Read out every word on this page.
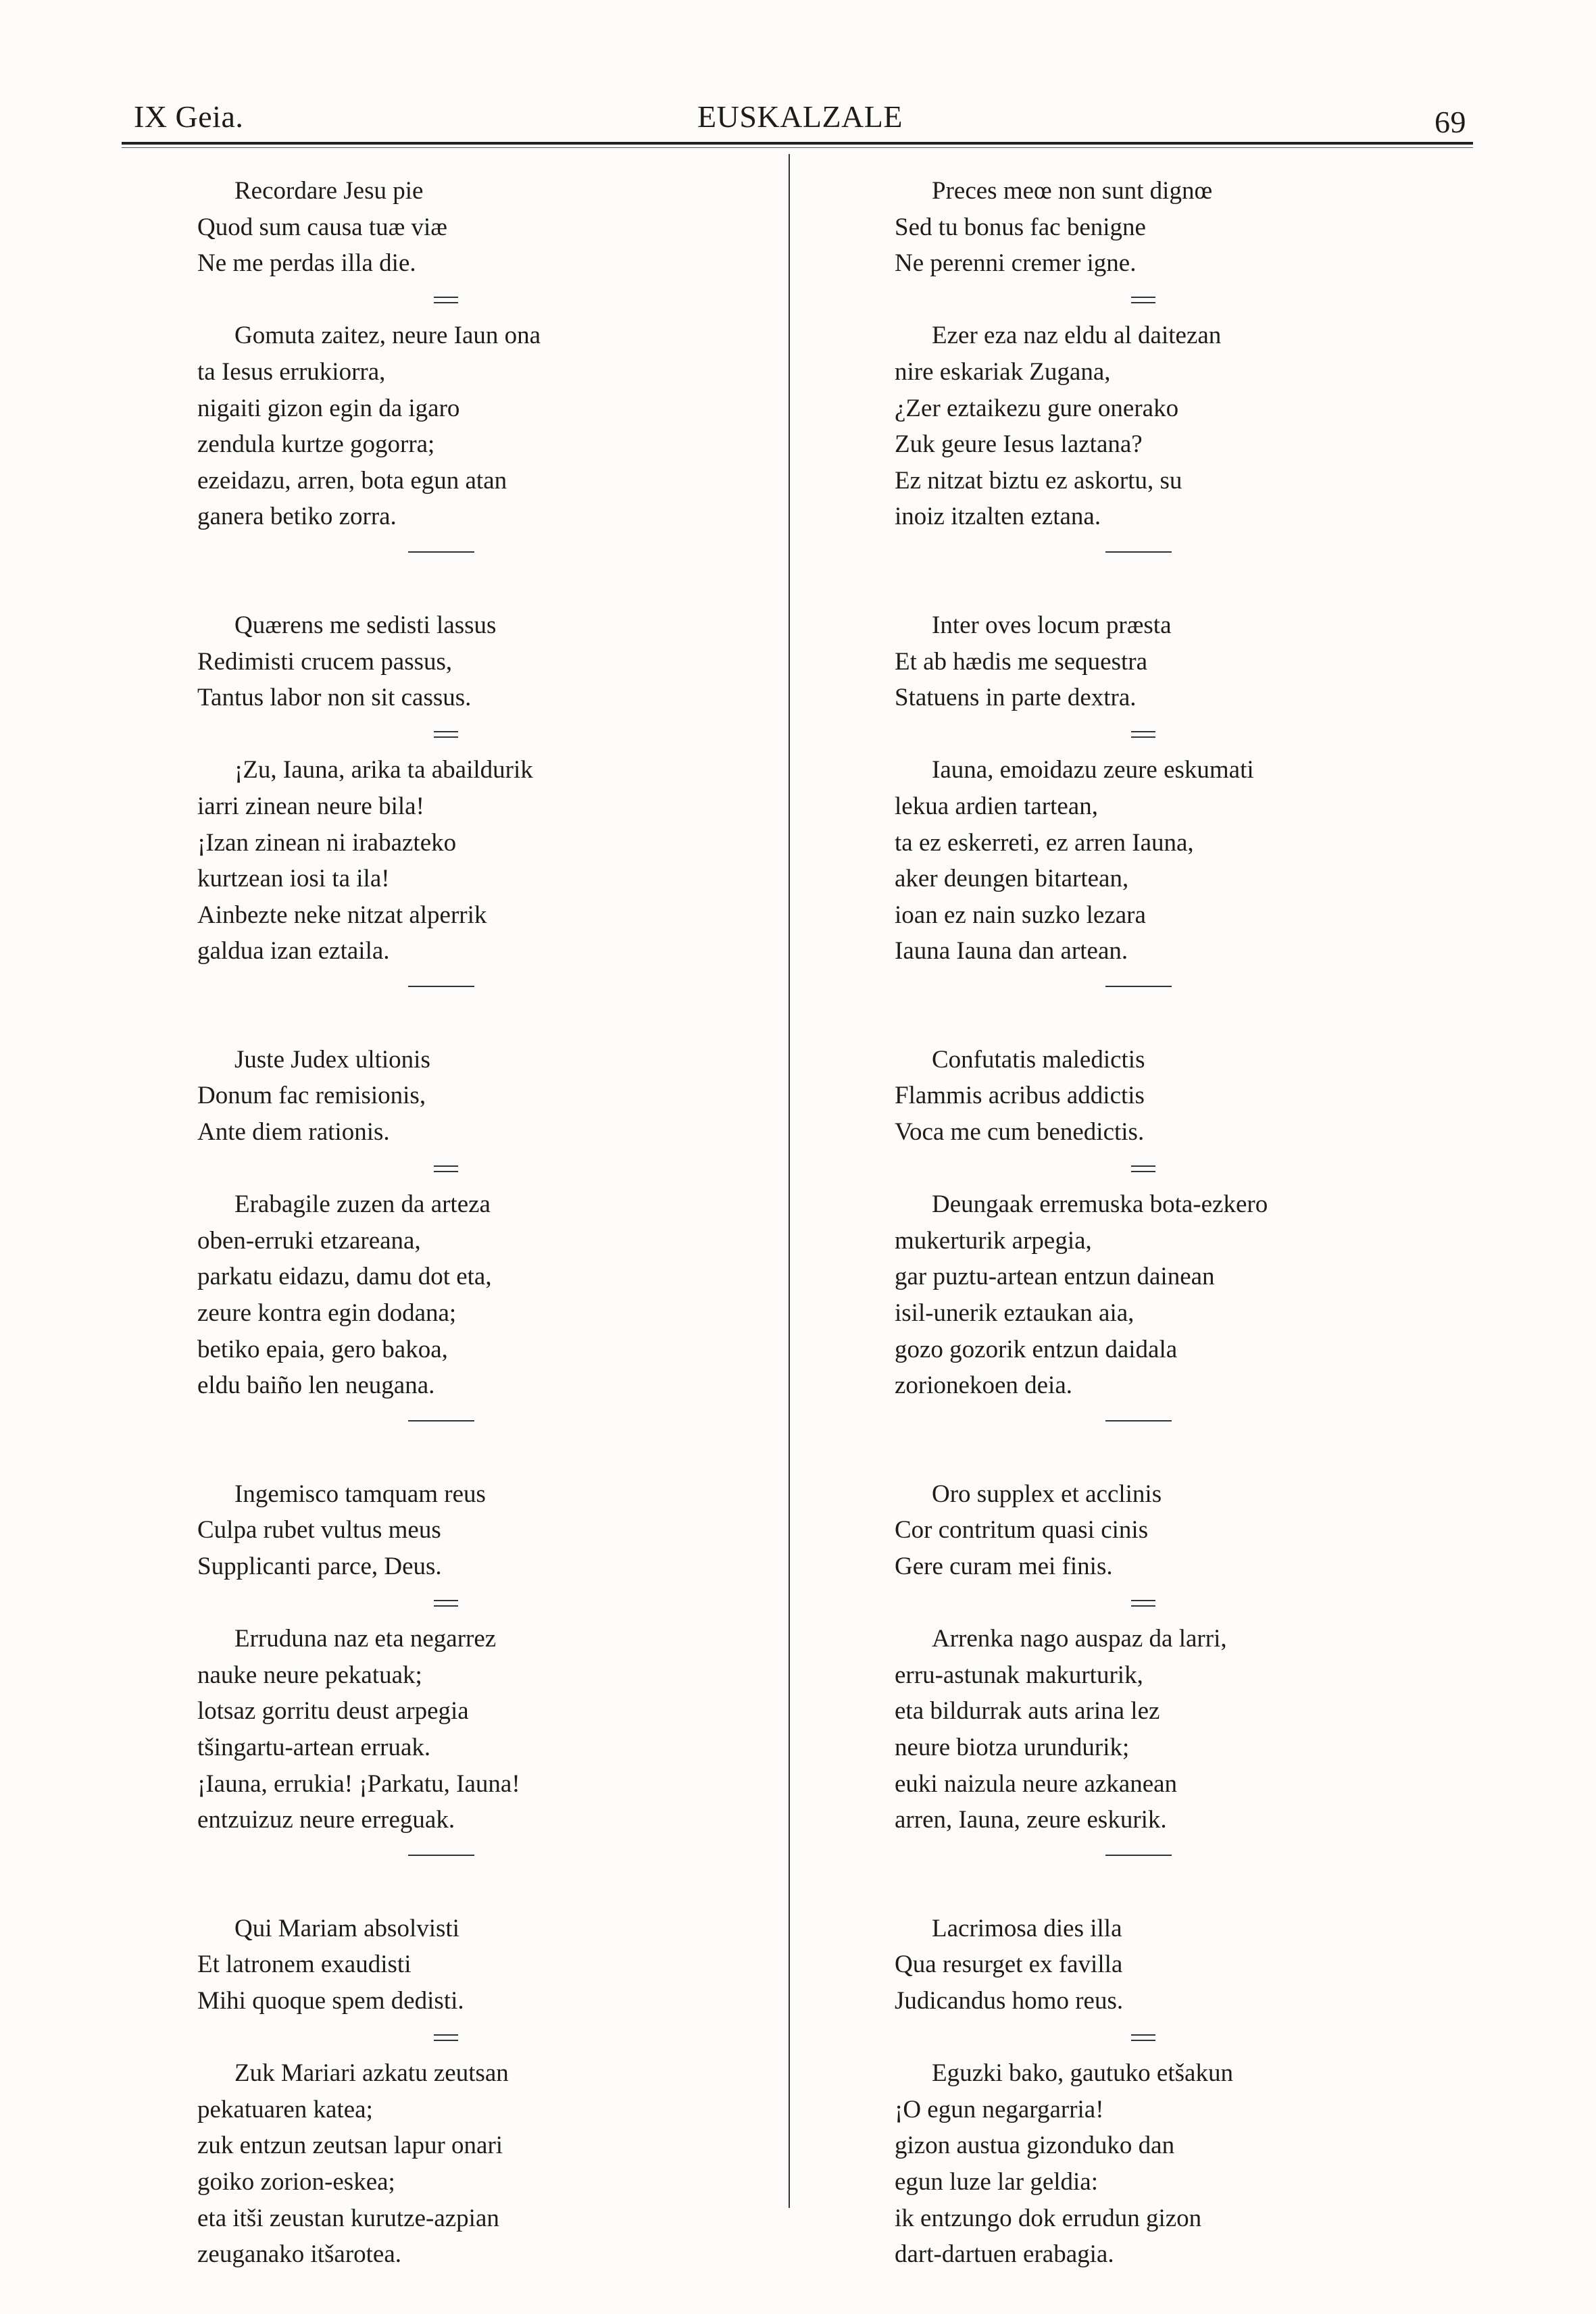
IX Geia.	EUSKALZALE	69
Recordare Jesu pie
Quod sum causa tuæ viæ
Ne me perdas illa die.
Gomuta zaitez, neure Iaun ona
ta Iesus errukiorra,
nigaiti gizon egin da igaro
zendula kurtze gogorra;
ezeidazu, arren, bota egun atan
ganera betiko zorra.
Quærens me sedisti lassus
Redimisti crucem passus,
Tantus labor non sit cassus.
¡Zu, Iauna, arika ta abaildurik
iarri zinean neure bila!
¡Izan zinean ni irabazteko
kurtzean iosi ta ila!
Ainbezte neke nitzat alperrik
galdua izan eztaila.
Juste Judex ultionis
Donum fac remisionis,
Ante diem rationis.
Erabagile zuzen da arteza
oben-erruki etzareana,
parkatu eidazu, damu dot eta,
zeure kontra egin dodana;
betiko epaia, gero bakoa,
eldu baiño len neugana.
Ingemisco tamquam reus
Culpa rubet vultus meus
Supplicanti parce, Deus.
Erruduna naz eta negarrez
nauke neure pekatuak;
lotsaz gorritu deust arpegia
tšingartu-artean erruak.
¡Iauna, errukia! ¡Parkatu, Iauna!
entzuizuz neure erreguak.
Qui Mariam absolvisti
Et latronem exaudisti
Mihi quoque spem dedisti.
Zuk Mariari azkatu zeutsan
pekatuaren katea;
zuk entzun zeutsan lapur onari
goiko zorion-eskea;
eta itši zeustan kurutze-azpian
zeuganako itšarotea.
Preces meœ non sunt dignœ
Sed tu bonus fac benigne
Ne perenni cremer igne.
Ezer eza naz eldu al daitezan
nire eskariak Zugana,
¿Zer eztaikezu gure onerako
Zuk geure Iesus laztana?
Ez nitzat biztu ez askortu, su
inoiz itzalten eztana.
Inter oves locum præsta
Et ab hædis me sequestra
Statuens in parte dextra.
Iauna, emoidazu zeure eskumati
lekua ardien tartean,
ta ez eskerreti, ez arren Iauna,
aker deungen bitartean,
ioan ez nain suzko lezara
Iauna Iauna dan artean.
Confutatis maledictis
Flammis acribus addictis
Voca me cum benedictis.
Deungaak erremuska bota-ezkero
mukerturik arpegia,
gar puztu-artean entzun dainean
isil-unerik eztaukan aia,
gozo gozorik entzun daidala
zorionekoen deia.
Oro supplex et acclinis
Cor contritum quasi cinis
Gere curam mei finis.
Arrenka nago auspaz da larri,
erru-astunak makurturik,
eta bildurrak auts arina lez
neure biotza urundurik;
euki naizula neure azkanean
arren, Iauna, zeure eskurik.
Lacrimosa dies illa
Qua resurget ex favilla
Judicandus homo reus.
Eguzki bako, gautuko etšakun
¡O egun negargarria!
gizon austua gizonduko dan
egun luze lar geldia:
ik entzungo dok errudun gizon
dart-dartuen erabagia.
